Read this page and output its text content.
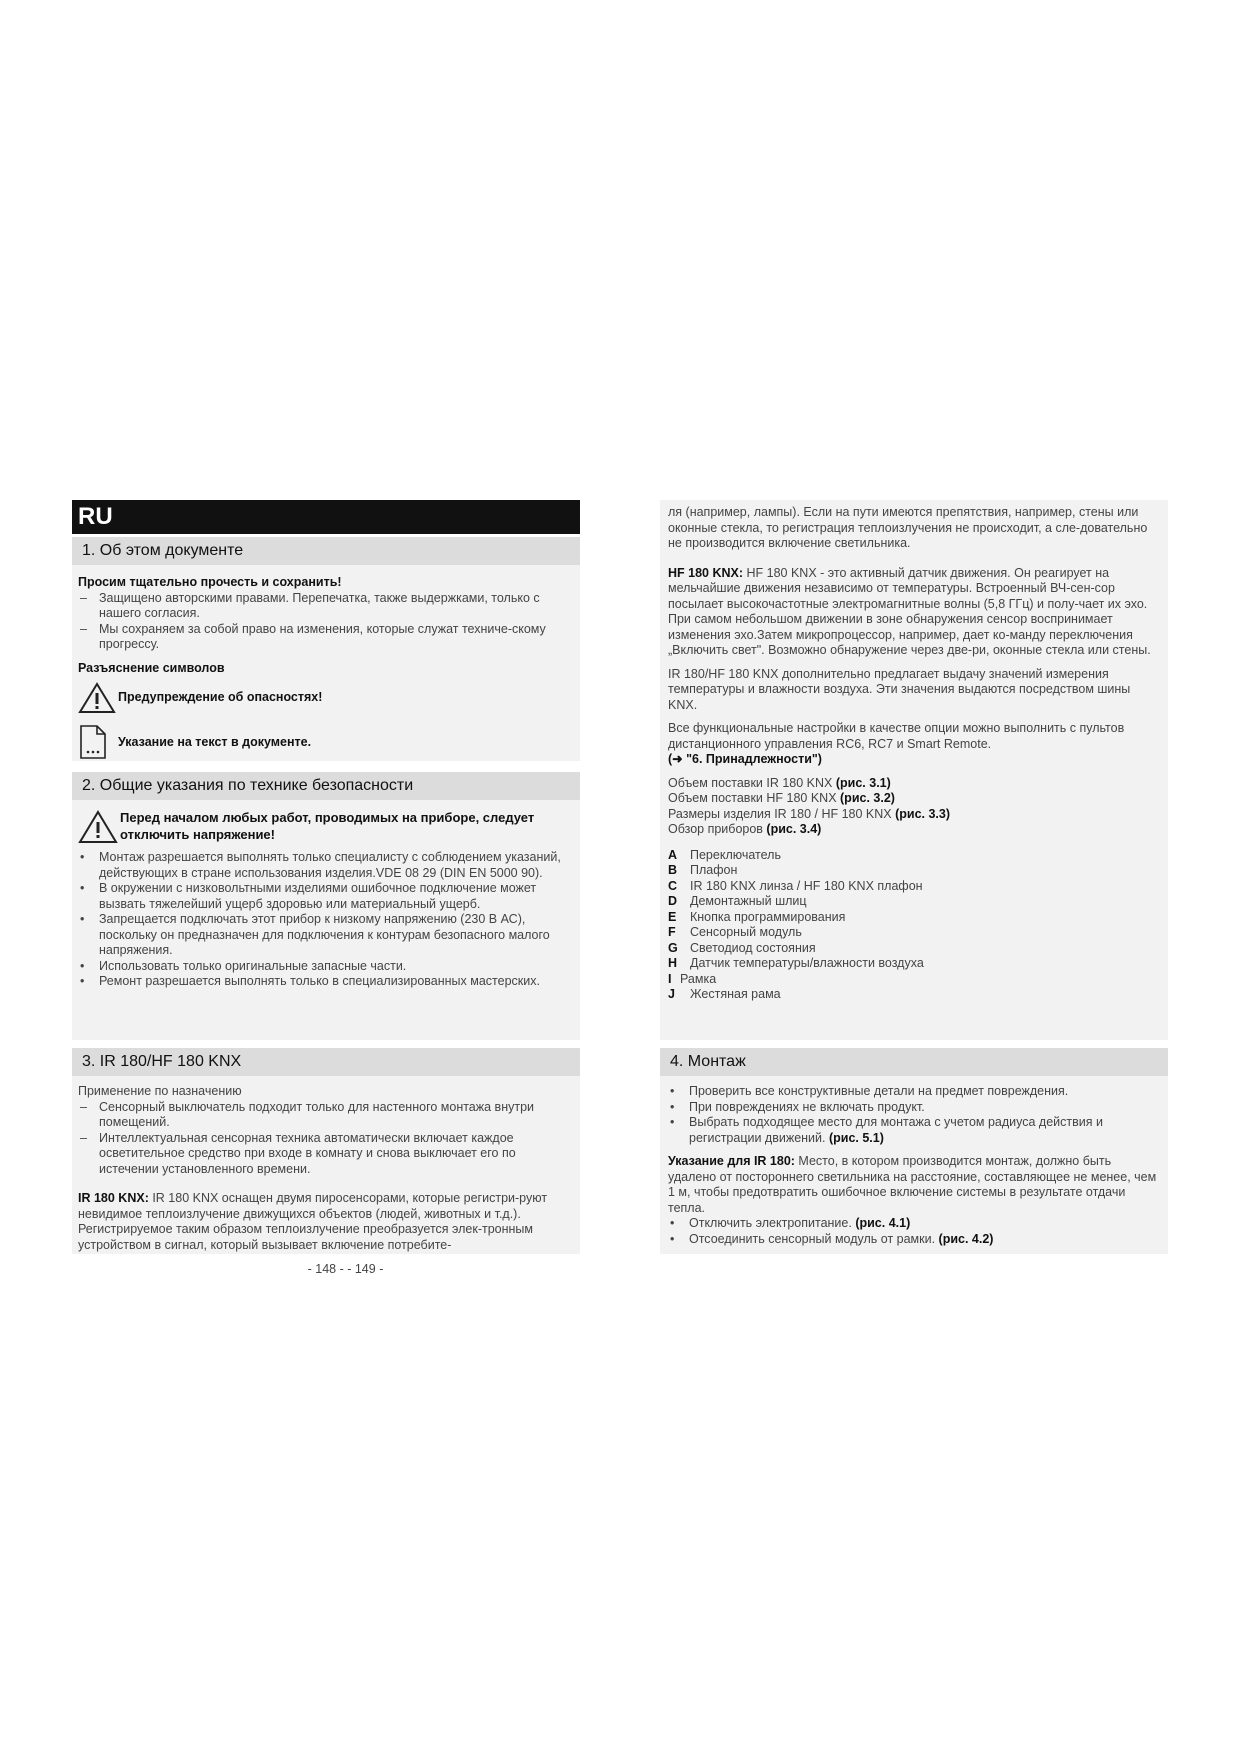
RU
1. Об этом документе

Просим тщательно прочесть и сохранить!

– Защищено авторскими правами. Перепечатка, также выдержками, только с нашего согласия.
– Мы сохраняем за собой право на изменения, которые служат техниче-скому прогрессу.

Разъяснение символов

Предупреждение об опасностях!
Указание на текст в документе.
2. Общие указания по технике безопасности
Перед началом любых работ, проводимых на приборе, следует отключить напряжение!
• Монтаж разрешается выполнять только специалисту с соблюдением указаний, действующих в стране использования изделия.VDE 08 29 (DIN EN 5000 90).
• В окружении с низковольтными изделиями ошибочное подключение может вызвать тяжелейший ущерб здоровью или материальный ущерб.
• Запрещается подключать этот прибор к низкому напряжению (230 В АС), поскольку он предназначен для подключения к контурам безопасного малого напряжения.
• Использовать только оригинальные запасные части.
• Ремонт разрешается выполнять только в специализированных мастерских.
3. IR 180/HF 180 KNX

Применение по назначению

– Сенсорный выключатель подходит только для настенного монтажа внутри помещений.
– Интеллектуальная сенсорная техника автоматически включает каждое осветительное средство при входе в комнату и снова выключает его по истечении установленного времени.

IR 180 KNX: IR 180 KNX оснащен двумя пиросенсорами, которые регистри-руют невидимое теплоизлучение движущихся объектов (людей, животных и т.д.). Регистрируемое таким образом теплоизлучение преобразуется элек-тронным устройством в сигнал, который вызывает включение потребите-

ля (например, лампы). Если на пути имеются препятствия, например, стены или оконные стекла, то регистрация теплоизлучения не происходит, а сле-довательно не производится включение светильника.

HF 180 KNX: HF 180 KNX - это активный датчик движения. Он реагирует на мельчайшие движения независимо от температуры. Встроенный ВЧ-сен-сор посылает высокочастотные электромагнитные волны (5,8 ГГц) и полу-чает их эхо. При самом небольшом движении в зоне обнаружения сенсор воспринимает изменения эхо.Затем микропроцессор, например, дает ко-манду переключения „Включить свет". Возможно обнаружение через две-ри, оконные стекла или стены.

IR 180/HF 180 KNX дополнительно предлагает выдачу значений измерения температуры и влажности воздуха. Эти значения выдаются посредством шины KNX.

Все функциональные настройки в качестве опции можно выполнить с пультов дистанционного управления RC6, RC7 и Smart Remote.

(➜ "6. Принадлежности")

Объем поставки IR 180 KNX (рис. 3.1)
Объем поставки HF 180 KNX (рис. 3.2)
Размеры изделия IR 180 / HF 180 KNX (рис. 3.3)
Обзор приборов (рис. 3.4)
A	Переключатель
B	Плафон
C	IR 180 KNX линза / HF 180 KNX плафон
D	Демонтажный шлиц
E	Кнопка программирования
F	Сенсорный модуль
G Светодиод состояния
H	Датчик температуры/влажности воздуха
I Рамка
J	Жестяная рама
4. Монтаж
• Проверить все конструктивные детали на предмет повреждения.
• При повреждениях не включать продукт.
• Выбрать подходящее место для монтажа с учетом радиуса действия и регистрации движений. (рис. 5.1)

Указание для IR 180: Место, в котором производится монтаж, должно быть удалено от постороннего светильника на расстояние, составляющее не менее, чем 1 м, чтобы предотвратить ошибочное включение системы в результате отдачи тепла.

• Отключить электропитание. (рис. 4.1)
• Отсоединить сенсорный модуль от рамки. (рис. 4.2)
- 148 - - 149 -
